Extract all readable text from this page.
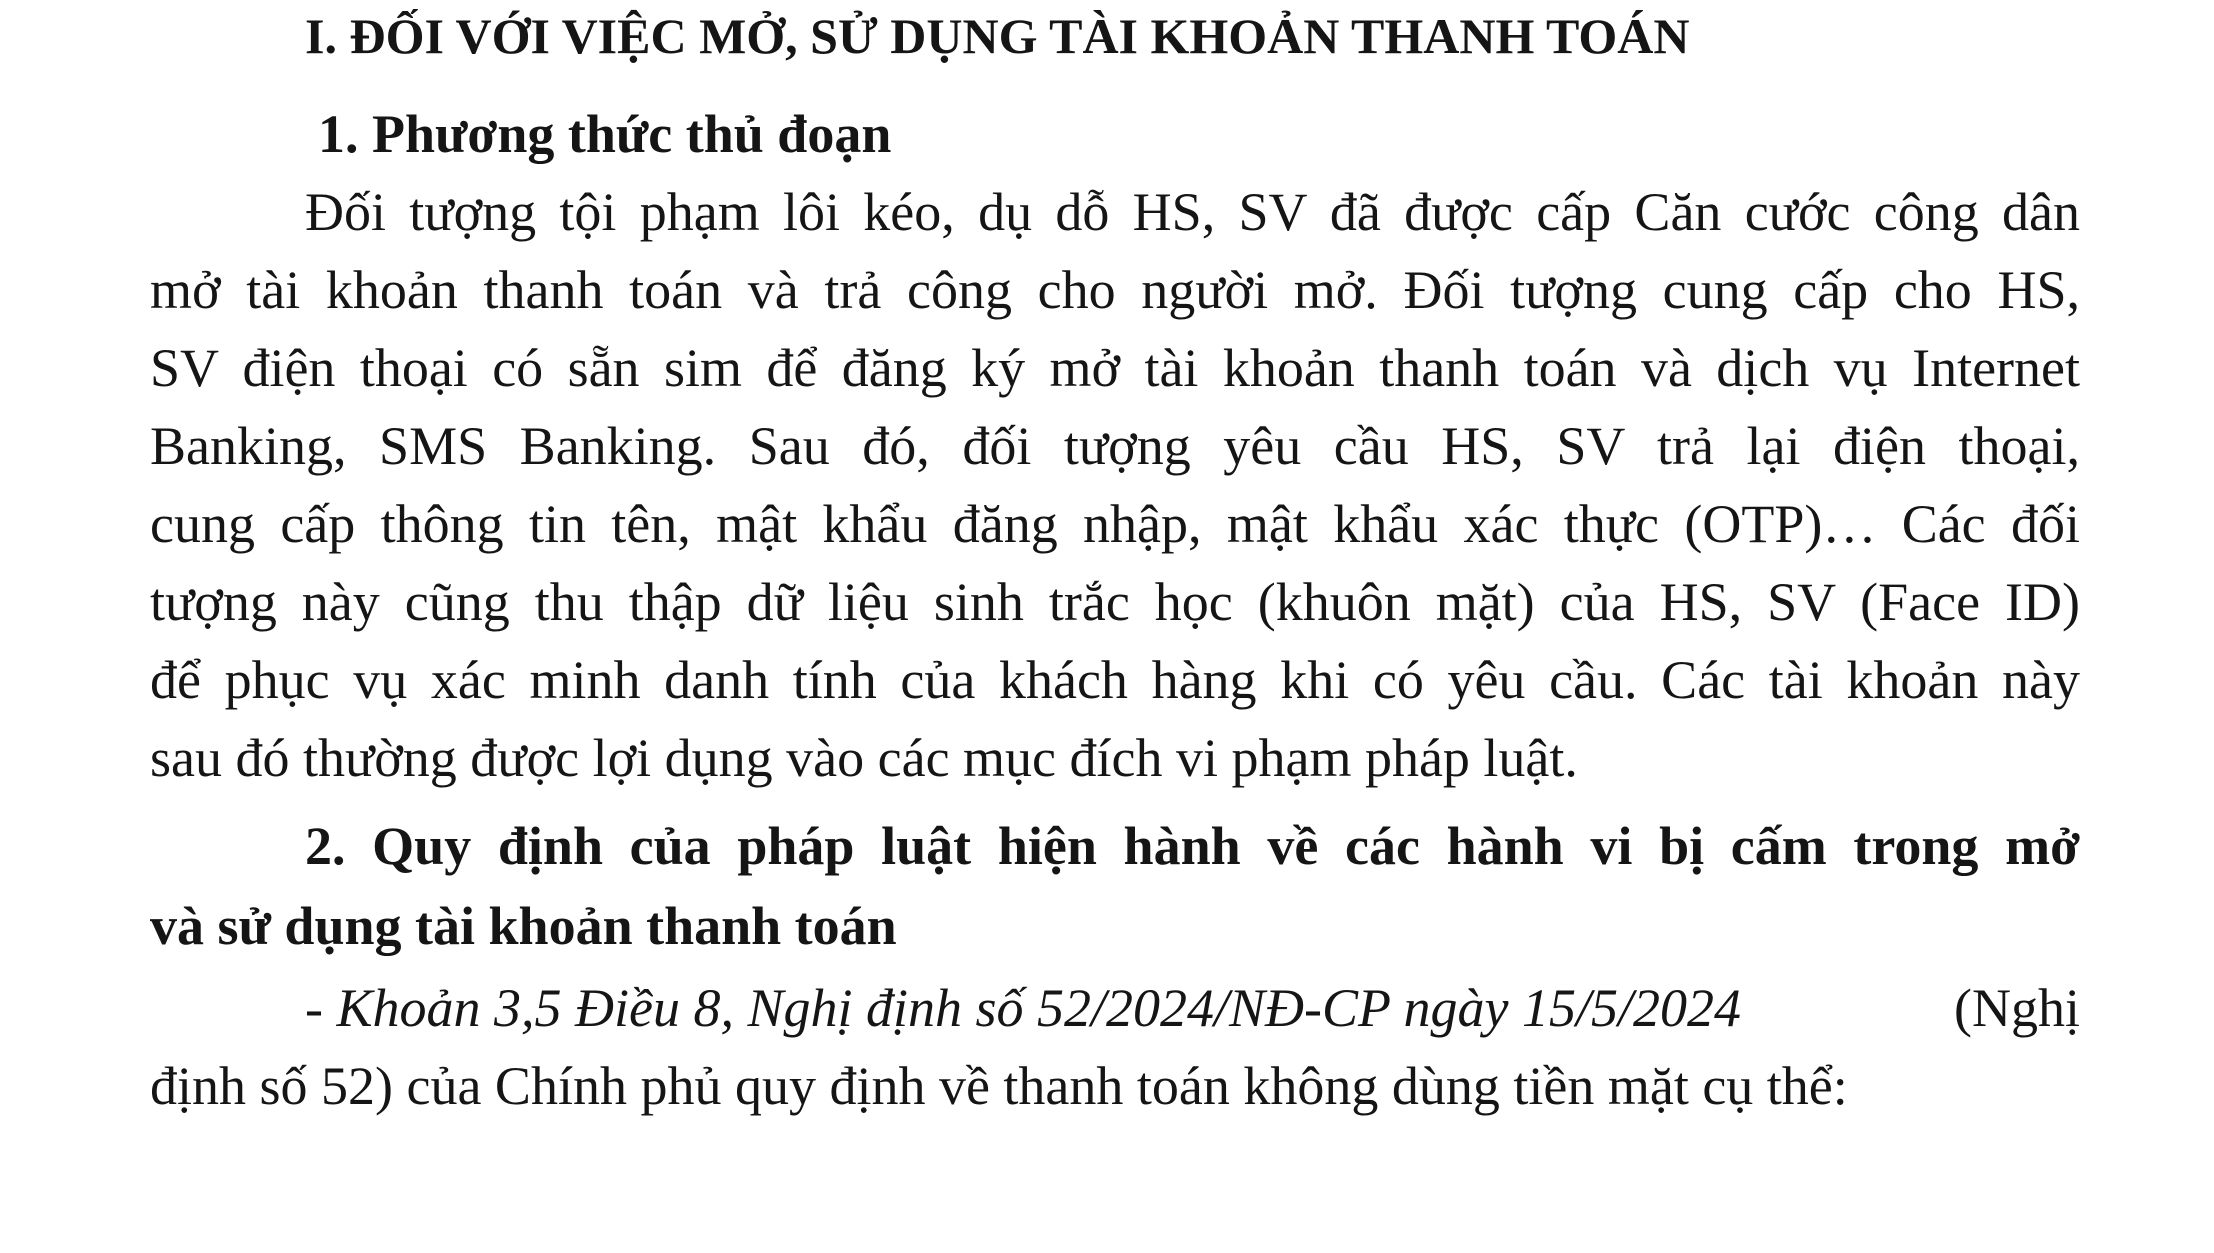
I. ĐỐI VỚI VIỆC MỞ, SỬ DỤNG TÀI KHOẢN THANH TOÁN
1. Phương thức thủ đoạn
Đối tượng tội phạm lôi kéo, dụ dỗ HS, SV đã được cấp Căn cước công dân
mở tài khoản thanh toán và trả công cho người mở. Đối tượng cung cấp cho HS,
SV điện thoại có sẵn sim để đăng ký mở tài khoản thanh toán và dịch vụ Internet
Banking, SMS Banking. Sau đó, đối tượng yêu cầu HS, SV trả lại điện thoại,
cung cấp thông tin tên, mật khẩu đăng nhập, mật khẩu xác thực (OTP)… Các đối
tượng này cũng thu thập dữ liệu sinh trắc học (khuôn mặt) của HS, SV (Face ID)
để phục vụ xác minh danh tính của khách hàng khi có yêu cầu. Các tài khoản này
sau đó thường được lợi dụng vào các mục đích vi phạm pháp luật.
2. Quy định của pháp luật hiện hành về các hành vi bị cấm trong mở
và sử dụng tài khoản thanh toán
- Khoản 3,5 Điều 8, Nghị định số 52/2024/NĐ-CP ngày 15/5/2024	(Nghị
định số 52) của Chính phủ quy định về thanh toán không dùng tiền mặt cụ thể:
